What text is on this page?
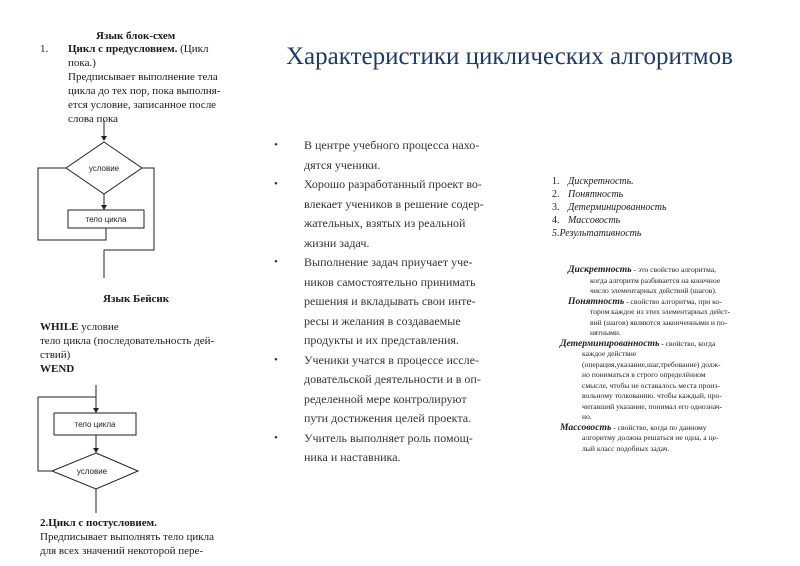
Язык блок-схем
1. Цикл с предусловием. (Цикл
пока.)
Предписывает выполнение тела
цикла до тех пор, пока выполня-
ется условие, записанное после
слова пока
условие
тело цикла
Язык Бейсик
WHILE условие
тело цикла (последовательность дей-
ствий)
WEND
тело цикла
условие
2.Цикл с постусловием.
Предписывает выполнять тело цикла
для всех значений некоторой пере-
Характеристики циклических алгоритмов
• В центре учебного процесса нахо-
дятся ученики.
• Хорошо разработанный проект во-
влекает учеников в решение содер-
жательных, взятых из реальной
жизни задач.
• Выполнение задач приучает уче-
ников самостоятельно принимать
решения и вкладывать свои инте-
ресы и желания в создаваемые
продукты и их представления.
• Ученики учатся в процессе иссле-
довательской деятельности и в оп-
ределенной мере контролируют
пути достижения целей проекта.
• Учитель выполняет роль помощ-
ника и наставника.
1. Дискретность.
2. Понятность
3. Детерминированность
4. Массовость
5.Результативность
Дискретность - это свойство алгоритма,
когда алгоритм разбивается на конечное
число элементарных действий (шагов).
Понятность - свойство алгоритма, при ко-
тором каждое из этих элементарных дейст-
вий (шагов) являются законченными и по-
нятными.
Детерминированность - свойство, когда
каждое действие
(операция,указание,шаг,требование) долж-
но пониматься в строго определённом
смысле, чтобы не оставалось места произ-
вольному толкованию. чтобы каждый, про-
читавший указание, понимал его однознач-
но.
Массовость - свойство, когда по данному
алгоритму должна решаться не одна, а це-
лый класс подобных задач.
